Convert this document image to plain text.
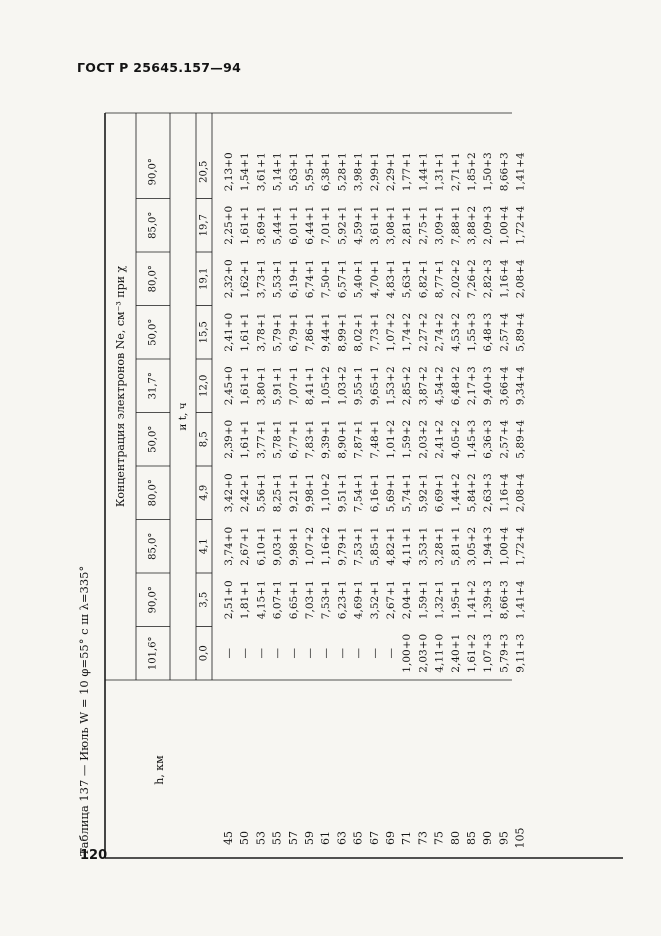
ГОСТ Р 25645.157—94
Таблица 137 — Июль W = 10 φ=55° с ш λ=335°
Концентрация электронов Ne, см⁻³ при χ
h, км
и t, ч
101,6°
90,0°
85,0°
80,0°
50,0°
31,7°
50,0°
80,0°
85,0°
90,0°
0,0
3,5
4,1
4,9
8,5
12,0
15,5
19,1
19,7
20,5
45 50 53 55 57 59 61 63 65 67 69 71 73 75 80 85 90 95 105
— — — — — — — — — — — 1,00+0 2,03+0 4,11+0 2,40+1 1,61+2 1,07+3 5,79+3 9,11+3
2,51+0 1,81+1 4,15+1 6,07+1 6,65+1 7,03+1 7,53+1 6,23+1 4,69+1 3,52+1 2,67+1 2,04+1 1,59+1 1,32+1 1,95+1 1,41+2 1,39+3 8,66+3 1,41+4
3,74+0 2,67+1 6,10+1 9,03+1 9,98+1 1,07+2 1,16+2 9,79+1 7,53+1 5,85+1 4,82+1 4,11+1 3,53+1 3,28+1 5,81+1 3,05+2 1,94+3 1,00+4 1,72+4
3,42+0 2,42+1 5,56+1 8,25+1 9,21+1 9,98+1 1,10+2 9,51+1 7,54+1 6,16+1 5,69+1 5,74+1 5,92+1 6,69+1 1,44+2 5,84+2 2,63+3 1,16+4 2,08+4
2,39+0 1,61+1 3,77+1 5,78+1 6,77+1 7,83+1 9,39+1 8,90+1 7,87+1 7,48+1 1,01+2 1,59+2 2,03+2 2,41+2 4,05+2 1,45+3 6,36+3 2,57+4 5,89+4
2,45+0 1,61+1 3,80+1 5,91+1 7,07+1 8,41+1 1,05+2 1,03+2 9,55+1 9,65+1 1,53+2 2,85+2 3,87+2 4,54+2 6,48+2 2,17+3 9,40+3 3,66+4 9,34+4
2,41+0 1,61+1 3,78+1 5,79+1 6,79+1 7,86+1 9,44+1 8,99+1 8,02+1 7,73+1 1,07+2 1,74+2 2,27+2 2,74+2 4,53+2 1,55+3 6,48+3 2,57+4 5,89+4
2,32+0 1,62+1 3,73+1 5,53+1 6,19+1 6,74+1 7,50+1 6,57+1 5,40+1 4,70+1 4,83+1 5,63+1 6,82+1 8,77+1 2,02+2 7,26+2 2,82+3 1,16+4 2,08+4
2,25+0 1,61+1 3,69+1 5,44+1 6,01+1 6,44+1 7,01+1 5,92+1 4,59+1 3,61+1 3,08+1 2,81+1 2,75+1 3,09+1 7,88+1 3,88+2 2,09+3 1,00+4 1,72+4
2,13+0 1,54+1 3,61+1 5,14+1 5,63+1 5,95+1 6,38+1 5,28+1 3,98+1 2,99+1 2,29+1 1,77+1 1,44+1 1,31+1 2,71+1 1,85+2 1,50+3 8,66+3 1,41+4
120
